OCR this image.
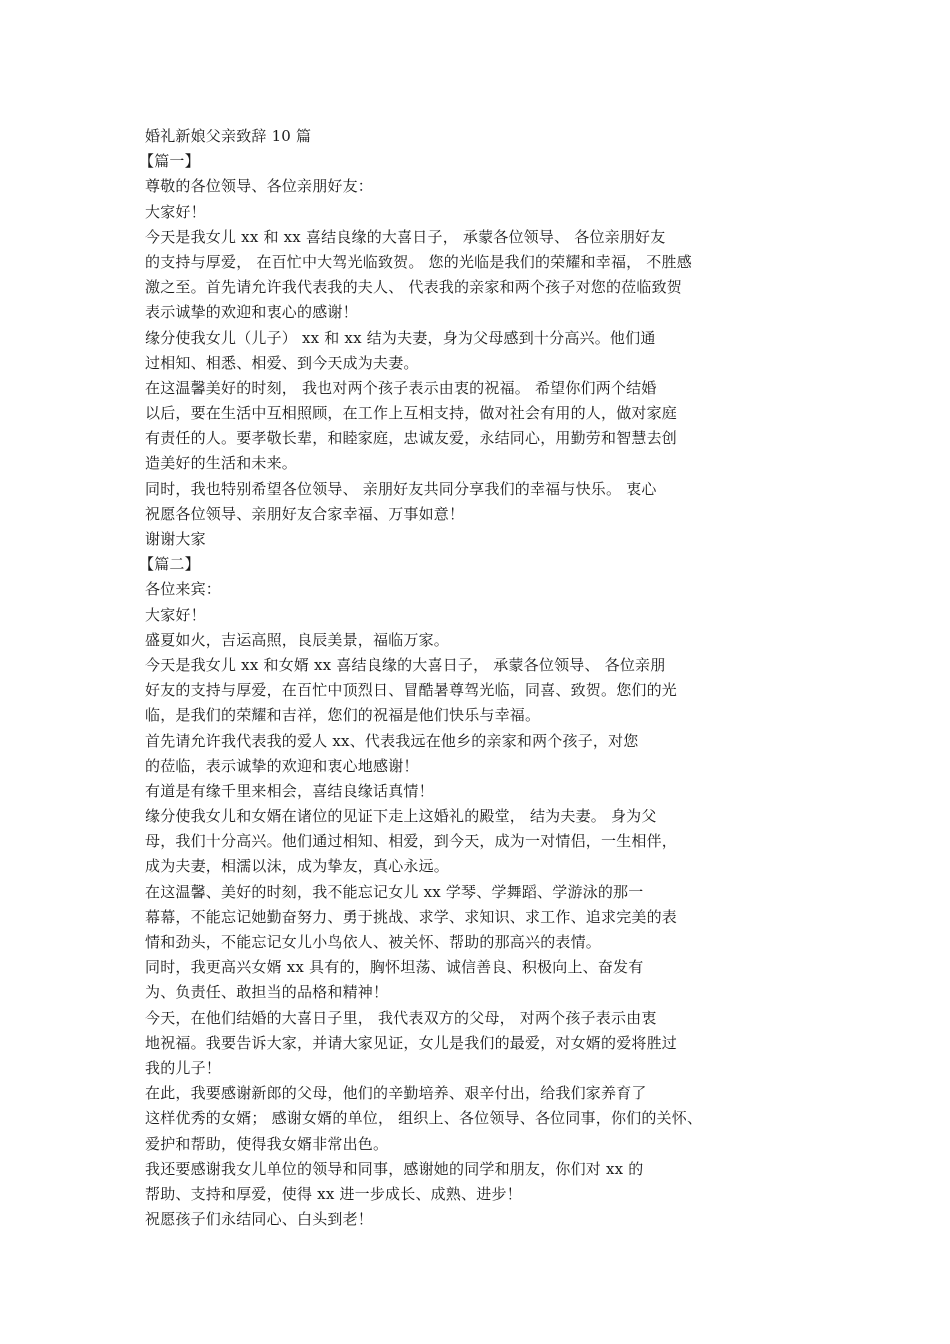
婚礼新娘父亲致辞 10 篇
【篇一】
尊敬的各位领导、各位亲朋好友：
大家好！
今天是我女儿 xx 和 xx 喜结良缘的大喜日子， 承蒙各位领导、 各位亲朋好友
的支持与厚爱， 在百忙中大驾光临致贺。 您的光临是我们的荣耀和幸福， 不胜感
激之至。首先请允许我代表我的夫人、 代表我的亲家和两个孩子对您的莅临致贺
表示诚挚的欢迎和衷心的感谢！
缘分使我女儿（儿子） xx 和 xx 结为夫妻，身为父母感到十分高兴。他们通
过相知、相悉、相爱、到今天成为夫妻。
在这温馨美好的时刻， 我也对两个孩子表示由衷的祝福。 希望你们两个结婚
以后，要在生活中互相照顾，在工作上互相支持，做对社会有用的人，做对家庭
有责任的人。要孝敬长辈，和睦家庭，忠诚友爱，永结同心，用勤劳和智慧去创
造美好的生活和未来。
同时，我也特别希望各位领导、 亲朋好友共同分享我们的幸福与快乐。 衷心
祝愿各位领导、亲朋好友合家幸福、万事如意！
谢谢大家
【篇二】
各位来宾：
大家好！
盛夏如火，吉运高照，良辰美景，福临万家。
今天是我女儿 xx 和女婿 xx 喜结良缘的大喜日子， 承蒙各位领导、 各位亲朋
好友的支持与厚爱，在百忙中顶烈日、冒酷暑尊驾光临，同喜、致贺。您们的光
临，是我们的荣耀和吉祥，您们的祝福是他们快乐与幸福。
首先请允许我代表我的爱人 xx、代表我远在他乡的亲家和两个孩子，对您
的莅临，表示诚挚的欢迎和衷心地感谢！
有道是有缘千里来相会，喜结良缘话真情！
缘分使我女儿和女婿在诸位的见证下走上这婚礼的殿堂， 结为夫妻。 身为父
母，我们十分高兴。他们通过相知、相爱，到今天，成为一对情侣，一生相伴，
成为夫妻，相濡以沫，成为挚友，真心永远。
在这温馨、美好的时刻，我不能忘记女儿 xx 学琴、学舞蹈、学游泳的那一
幕幕，不能忘记她勤奋努力、勇于挑战、求学、求知识、求工作、追求完美的表
情和劲头，不能忘记女儿小鸟依人、被关怀、帮助的那高兴的表情。
同时，我更高兴女婿 xx 具有的，胸怀坦荡、诚信善良、积极向上、奋发有
为、负责任、敢担当的品格和精神！
今天，在他们结婚的大喜日子里， 我代表双方的父母， 对两个孩子表示由衷
地祝福。我要告诉大家，并请大家见证，女儿是我们的最爱，对女婿的爱将胜过
我的儿子！
在此，我要感谢新郎的父母，他们的辛勤培养、艰辛付出，给我们家养育了
这样优秀的女婿； 感谢女婿的单位， 组织上、各位领导、各位同事，你们的关怀、
爱护和帮助，使得我女婿非常出色。
我还要感谢我女儿单位的领导和同事，感谢她的同学和朋友，你们对 xx 的
帮助、支持和厚爱，使得 xx 进一步成长、成熟、进步！
祝愿孩子们永结同心、白头到老！
